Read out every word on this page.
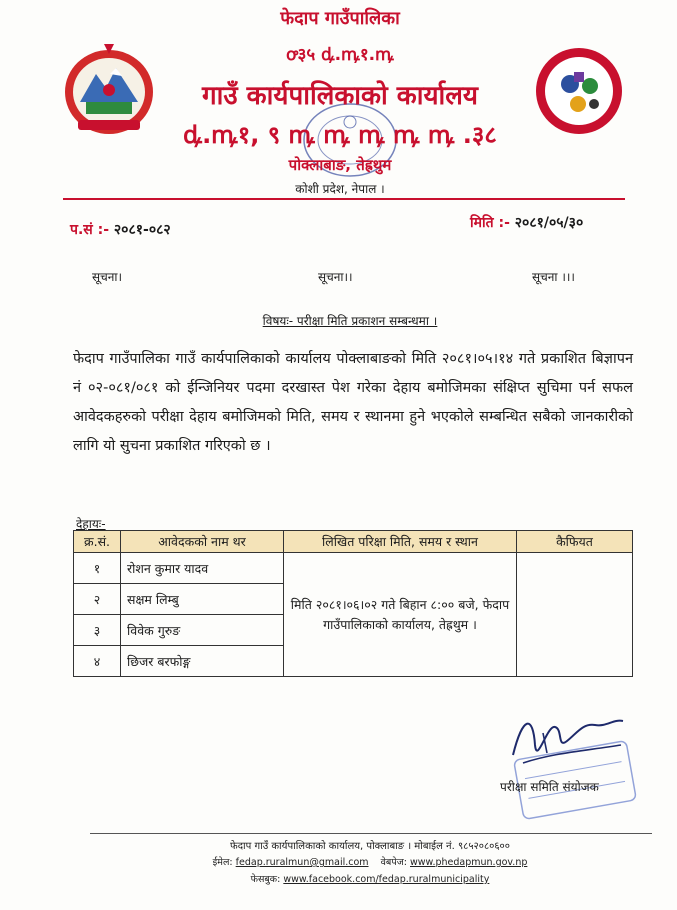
फेदाप गाउँपालिका
ꝍ३५ ꝱ.ꝳ१.ꝳ
गाउँ कार्यपालिकाको कार्यालय
ꝱ.ꝳ१, ९ ꝳ ꝳ ꝳ ꝳ ꝳ .३८
पोक्लाबाङ, तेह्रथुम
कोशी प्रदेश, नेपाल ।
प.सं :- २०८१-०८२	मिति :- २०८१/०५/३०
सूचना।	सूचना।।	सूचना ।।।
विषयः- परीक्षा मिति प्रकाशन सम्बन्धमा ।
फेदाप गाउँपालिका गाउँ कार्यपालिकाको कार्यालय पोक्लाबाङको मिति २०८१।०५।१४ गते प्रकाशित बिज्ञापन नं ०२-०८१/०८१ को ईन्जिनियर पदमा दरखास्त पेश गरेका देहाय बमोजिमका संक्षिप्त सुचिमा पर्न सफल आवेदकहरुको परीक्षा देहाय बमोजिमको मिति, समय र स्थानमा हुने भएकोले सम्बन्धित सबैको जानकारीको लागि यो सुचना प्रकाशित गरिएको छ ।
देहायः-
क्र.सं.	आवेदकको नाम थर	लिखित परिक्षा मिति, समय र स्थान	कैफियत
१	रोशन कुमार यादव	मिति २०८१।०६।०२ गते बिहान ८:०० बजे, फेदाप गाउँपालिकाको कार्यालय, तेह्रथुम ।	
२	सक्षम लिम्बु		
३	विवेक गुरुङ		
४	छिजर बरफोङ्ग		
परीक्षा समिति संयोजक
फेदाप गाउँ कार्यपालिकाको कार्यालय, पोक्लाबाङ । मोबाईल नं. ९८५२०८०६००
ईमेल: fedap.ruralmun@gmail.com वेबपेज: www.phedapmun.gov.np
फेसबुक: www.facebook.com/fedap.ruralmunicipality
